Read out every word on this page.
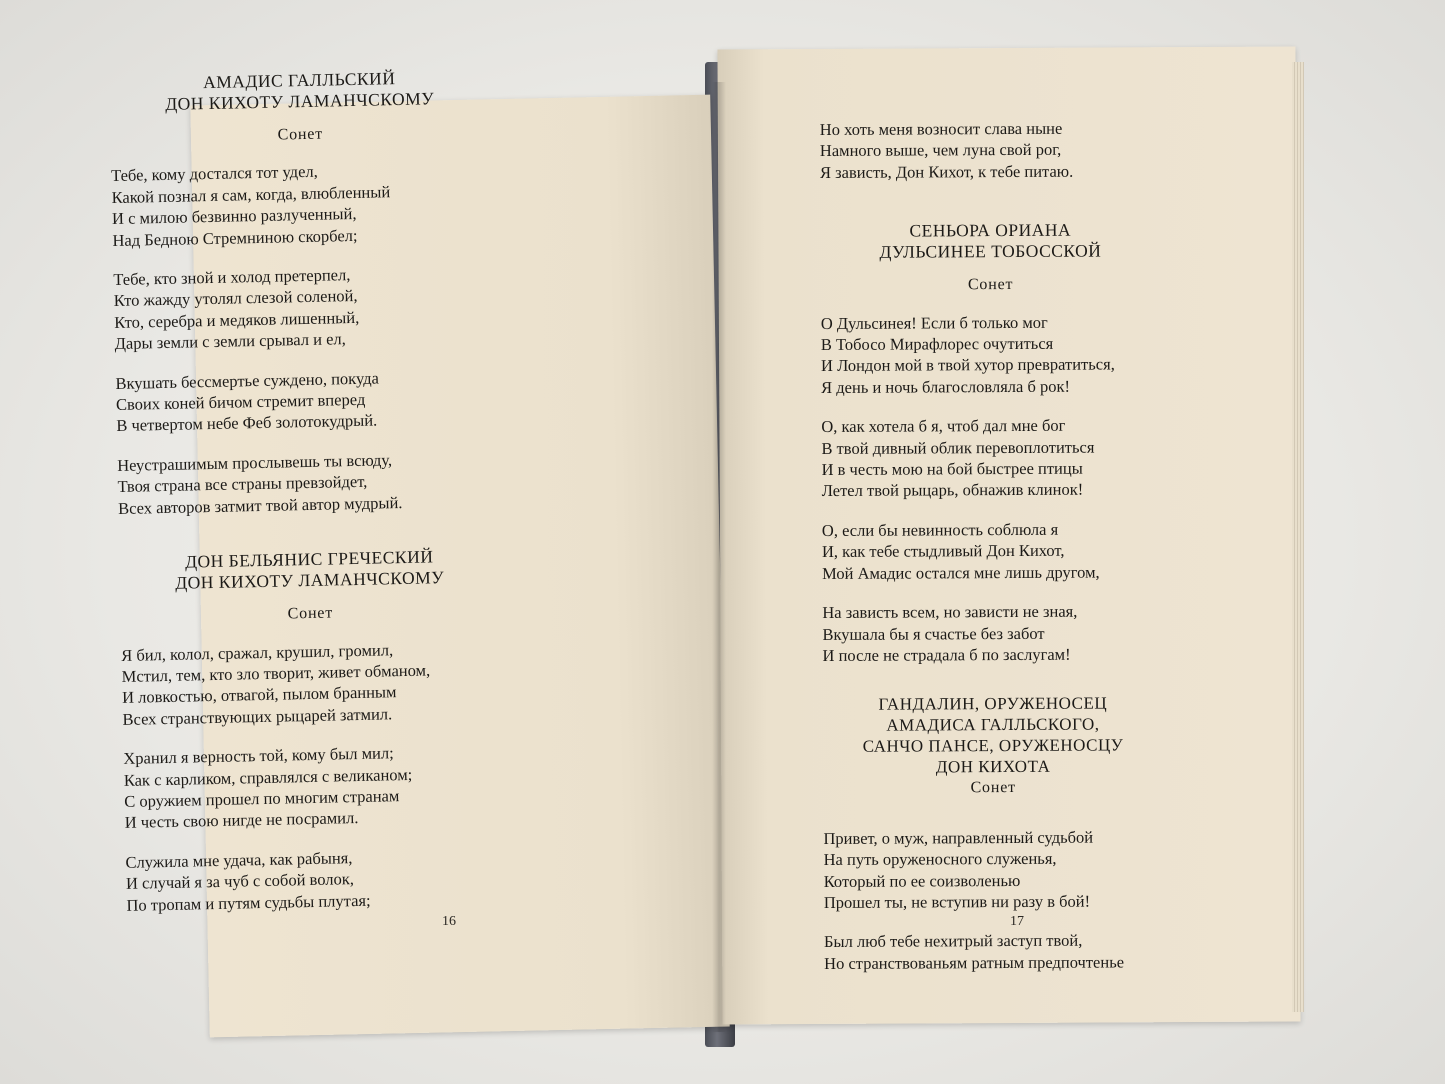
АМАДИС ГАЛЛЬСКИЙ
ДОН КИХОТУ ЛАМАНЧСКОМУ
Сонет
Тебе, кому достался тот удел,
Какой познал я сам, когда, влюбленный
И с милою безвинно разлученный,
Над Бедною Стремниною скорбел;
Тебе, кто зной и холод претерпел,
Кто жажду утолял слезой соленой,
Кто, серебра и медяков лишенный,
Дары земли с земли срывал и ел,
Вкушать бессмертье суждено, покуда
Своих коней бичом стремит вперед
В четвертом небе Феб золотокудрый.
Неустрашимым прослывешь ты всюду,
Твоя страна все страны превзойдет,
Всех авторов затмит твой автор мудрый.
ДОН БЕЛЬЯНИС ГРЕЧЕСКИЙ
ДОН КИХОТУ ЛАМАНЧСКОМУ
Сонет
Я бил, колол, сражал, крушил, громил,
Мстил, тем, кто зло творит, живет обманом,
И ловкостью, отвагой, пылом бранным
Всех странствующих рыцарей затмил.
Хранил я верность той, кому был мил;
Как с карликом, справлялся с великаном;
С оружием прошел по многим странам
И честь свою нигде не посрамил.
Служила мне удача, как рабыня,
И случай я за чуб с собой волок,
По тропам и путям судьбы плутая;
16
Но хоть меня возносит слава ныне
Намного выше, чем луна свой рог,
Я зависть, Дон Кихот, к тебе питаю.
СЕНЬОРА ОРИАНА
ДУЛЬСИНЕЕ ТОБОССКОЙ
Сонет
О Дульсинея! Если б только мог
В Тобосо Мирафлорес очутиться
И Лондон мой в твой хутор превратиться,
Я день и ночь благословляла б рок!
О, как хотела б я, чтоб дал мне бог
В твой дивный облик перевоплотиться
И в честь мою на бой быстрее птицы
Летел твой рыцарь, обнажив клинок!
О, если бы невинность соблюла я
И, как тебе стыдливый Дон Кихот,
Мой Амадис остался мне лишь другом,
На зависть всем, но зависти не зная,
Вкушала бы я счастье без забот
И после не страдала б по заслугам!
ГАНДАЛИН, ОРУЖЕНОСЕЦ
АМАДИСА ГАЛЛЬСКОГО,
САНЧО ПАНСЕ, ОРУЖЕНОСЦУ
ДОН КИХОТА
Сонет
Привет, о муж, направленный судьбой
На путь оруженосного служенья,
Который по ее соизволенью
Прошел ты, не вступив ни разу в бой!
Был люб тебе нехитрый заступ твой,
Но странствованьям ратным предпочтенье
17
